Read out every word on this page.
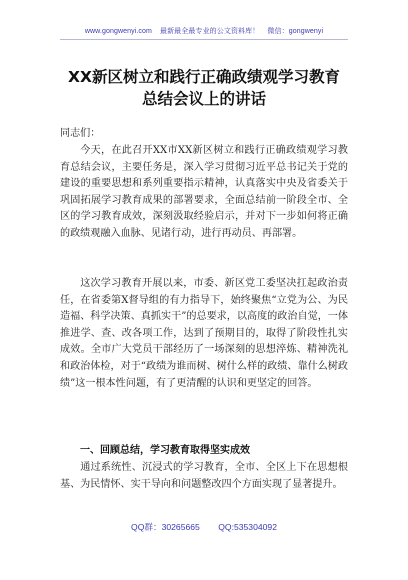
www.gongwenyi.com 最新最全最专业的公文资料库！ 微信：gongwenyi
XX新区树立和践行正确政绩观学习教育
总结会议上的讲话
同志们：

今天，在此召开XX市XX新区树立和践行正确政绩观学习教育总结会议，主要任务是，深入学习贯彻习近平总书记关于党的建设的重要思想和系列重要指示精神，认真落实中央及省委关于巩固拓展学习教育成果的部署要求，全面总结前一阶段全市、全区的学习教育成效，深刻汲取经验启示，并对下一步如何将正确的政绩观融入血脉、见诸行动，进行再动员、再部署。

这次学习教育开展以来，市委、新区党工委坚决扛起政治责任，在省委第X督导组的有力指导下，始终聚焦“立党为公、为民造福、科学决策、真抓实干”的总要求，以高度的政治自觉，一体推进学、查、改各项工作，达到了预期目的，取得了阶段性扎实成效。全市广大党员干部经历了一场深刻的思想淬炼、精神洗礼和政治体检，对于“政绩为谁而树、树什么样的政绩、靠什么树政绩”这一根本性问题，有了更清醒的认识和更坚定的回答。

一、回顾总结，学习教育取得坚实成效

通过系统性、沉浸式的学习教育，全市、全区上下在思想根基、为民情怀、实干导向和问题整改四个方面实现了显著提升。

QQ群：30265665 QQ:535304092
